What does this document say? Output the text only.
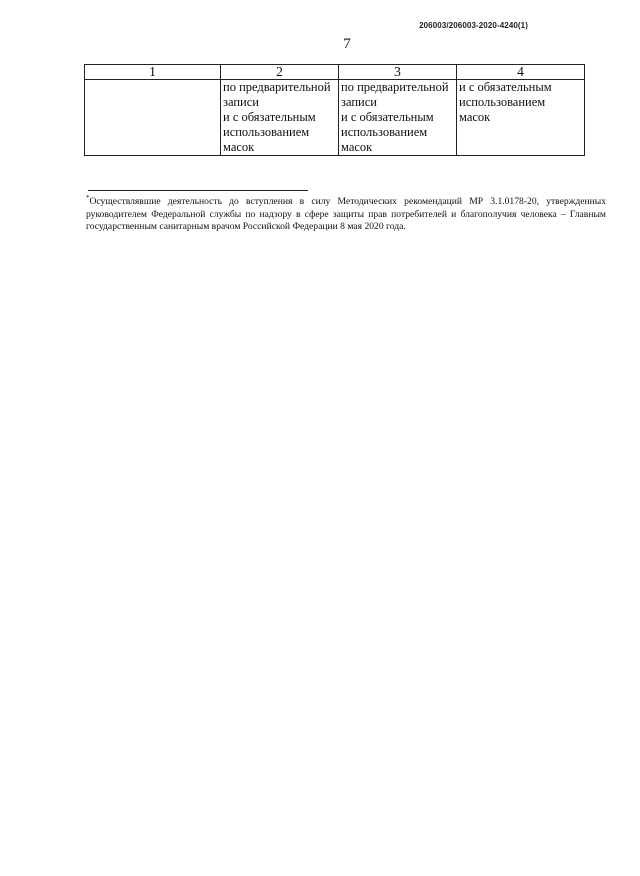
206003/206003-2020-4240(1)
7
1	2	3	4
	по предварительной
записи
и с обязательным
использованием
масок	по предварительной
записи
и с обязательным
использованием
масок	и с обязательным
использованием
масок
*Осуществлявшие деятельность до вступления в силу Методических рекомендаций МР 3.1.0178-20, утвержденных руководителем Федеральной службы по надзору в сфере защиты прав потребителей и благополучия человека – Главным государственным санитарным врачом Российской Федерации 8 мая 2020 года.
